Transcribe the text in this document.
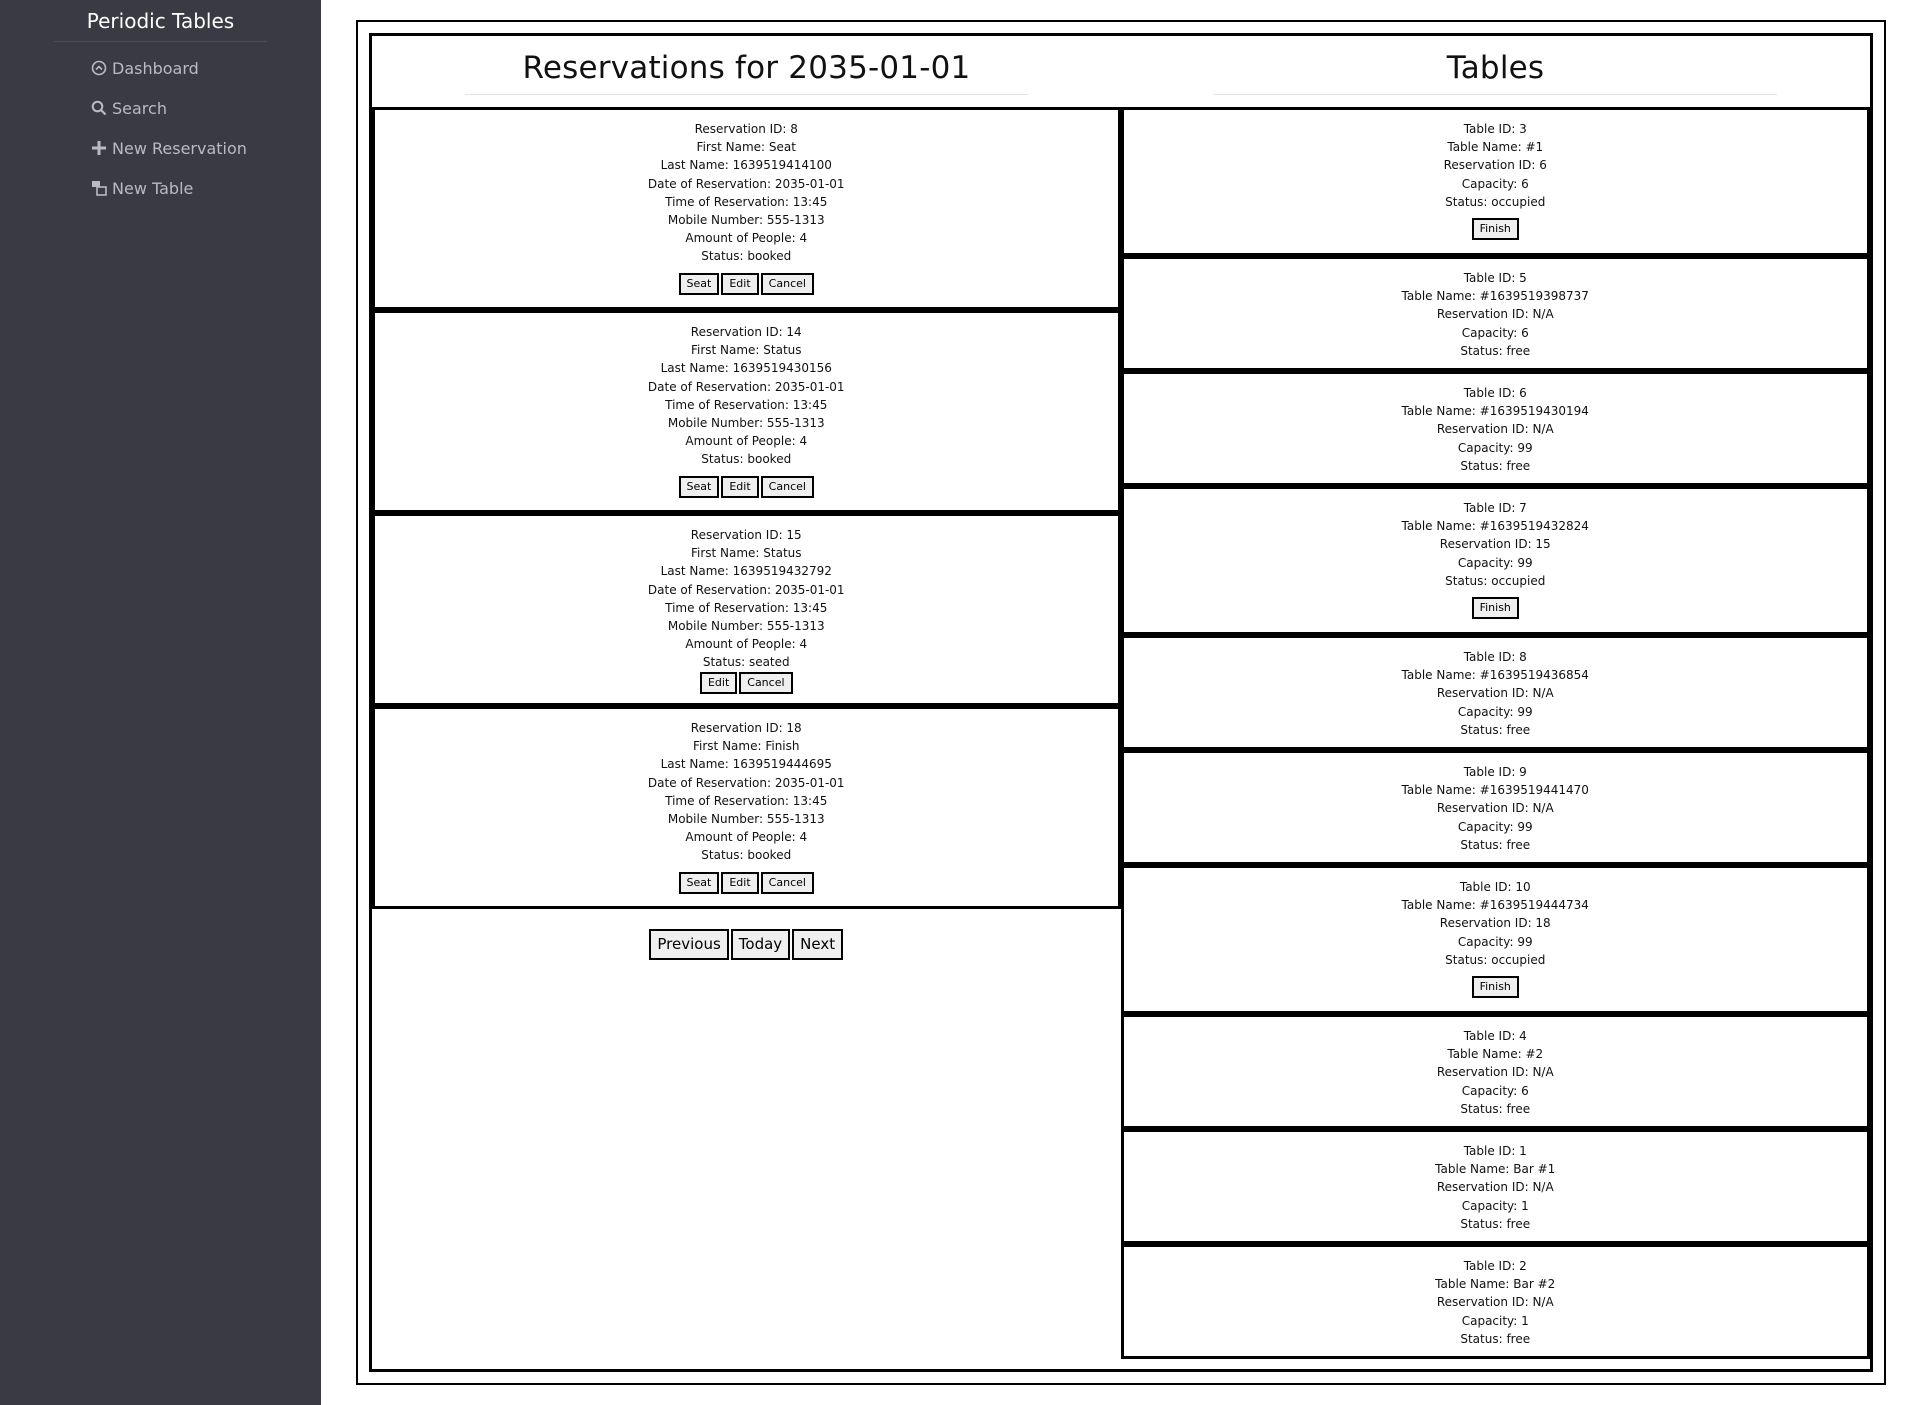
Periodic Tables
Dashboard
Search
New Reservation
New Table
Reservations for 2035-01-01	Tables
Reservation ID: 8
First Name: Seat
Last Name: 1639519414100
Date of Reservation: 2035-01-01
Time of Reservation: 13:45
Mobile Number: 555-1313
Amount of People: 4
Status: booked
Seat	Edit	Cancel
Reservation ID: 14
First Name: Status
Last Name: 1639519430156
Date of Reservation: 2035-01-01
Time of Reservation: 13:45
Mobile Number: 555-1313
Amount of People: 4
Status: booked
Seat	Edit	Cancel
Reservation ID: 15
First Name: Status
Last Name: 1639519432792
Date of Reservation: 2035-01-01
Time of Reservation: 13:45
Mobile Number: 555-1313
Amount of People: 4
Status: seated
Edit	Cancel
Reservation ID: 18
First Name: Finish
Last Name: 1639519444695
Date of Reservation: 2035-01-01
Time of Reservation: 13:45
Mobile Number: 555-1313
Amount of People: 4
Status: booked
Seat	Edit	Cancel
Previous	Today	Next
Table ID: 3
Table Name: #1
Reservation ID: 6
Capacity: 6
Status: occupied
Finish
Table ID: 5
Table Name: #1639519398737
Reservation ID: N/A
Capacity: 6
Status: free
Table ID: 6
Table Name: #1639519430194
Reservation ID: N/A
Capacity: 99
Status: free
Table ID: 7
Table Name: #1639519432824
Reservation ID: 15
Capacity: 99
Status: occupied
Finish
Table ID: 8
Table Name: #1639519436854
Reservation ID: N/A
Capacity: 99
Status: free
Table ID: 9
Table Name: #1639519441470
Reservation ID: N/A
Capacity: 99
Status: free
Table ID: 10
Table Name: #1639519444734
Reservation ID: 18
Capacity: 99
Status: occupied
Finish
Table ID: 4
Table Name: #2
Reservation ID: N/A
Capacity: 6
Status: free
Table ID: 1
Table Name: Bar #1
Reservation ID: N/A
Capacity: 1
Status: free
Table ID: 2
Table Name: Bar #2
Reservation ID: N/A
Capacity: 1
Status: free
